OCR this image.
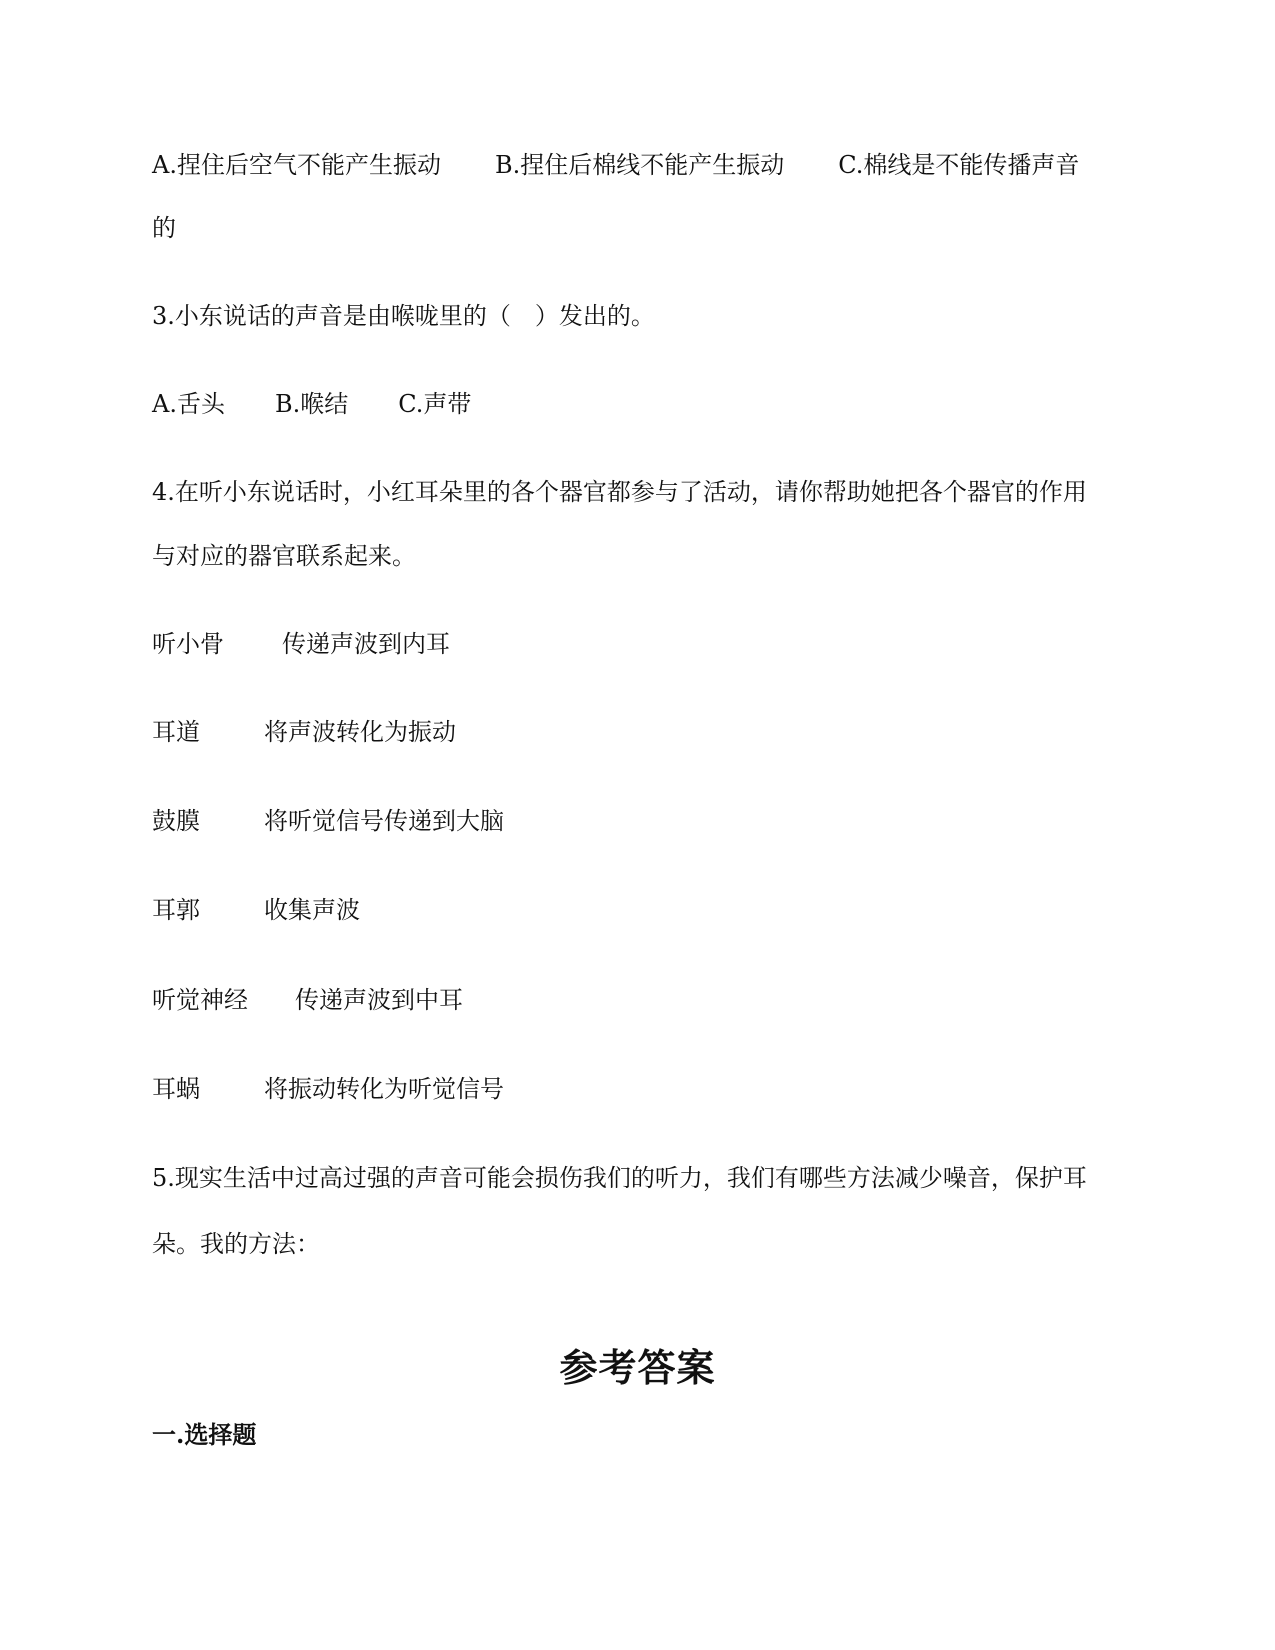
A.捏住后空气不能产生振动 B.捏住后棉线不能产生振动 C.棉线是不能传播声音
的
3.小东说话的声音是由喉咙里的（　）发出的。
A.舌头 B.喉结 C.声带
4.在听小东说话时，小红耳朵里的各个器官都参与了活动，请你帮助她把各个器官的作用
与对应的器官联系起来。
听小骨 传递声波到内耳
耳道	将声波转化为振动
鼓膜	将听觉信号传递到大脑
耳郭	收集声波
听觉神经 传递声波到中耳
耳蜗	将振动转化为听觉信号
5.现实生活中过高过强的声音可能会损伤我们的听力，我们有哪些方法减少噪音，保护耳
朵。我的方法：
参考答案
一.选择题
